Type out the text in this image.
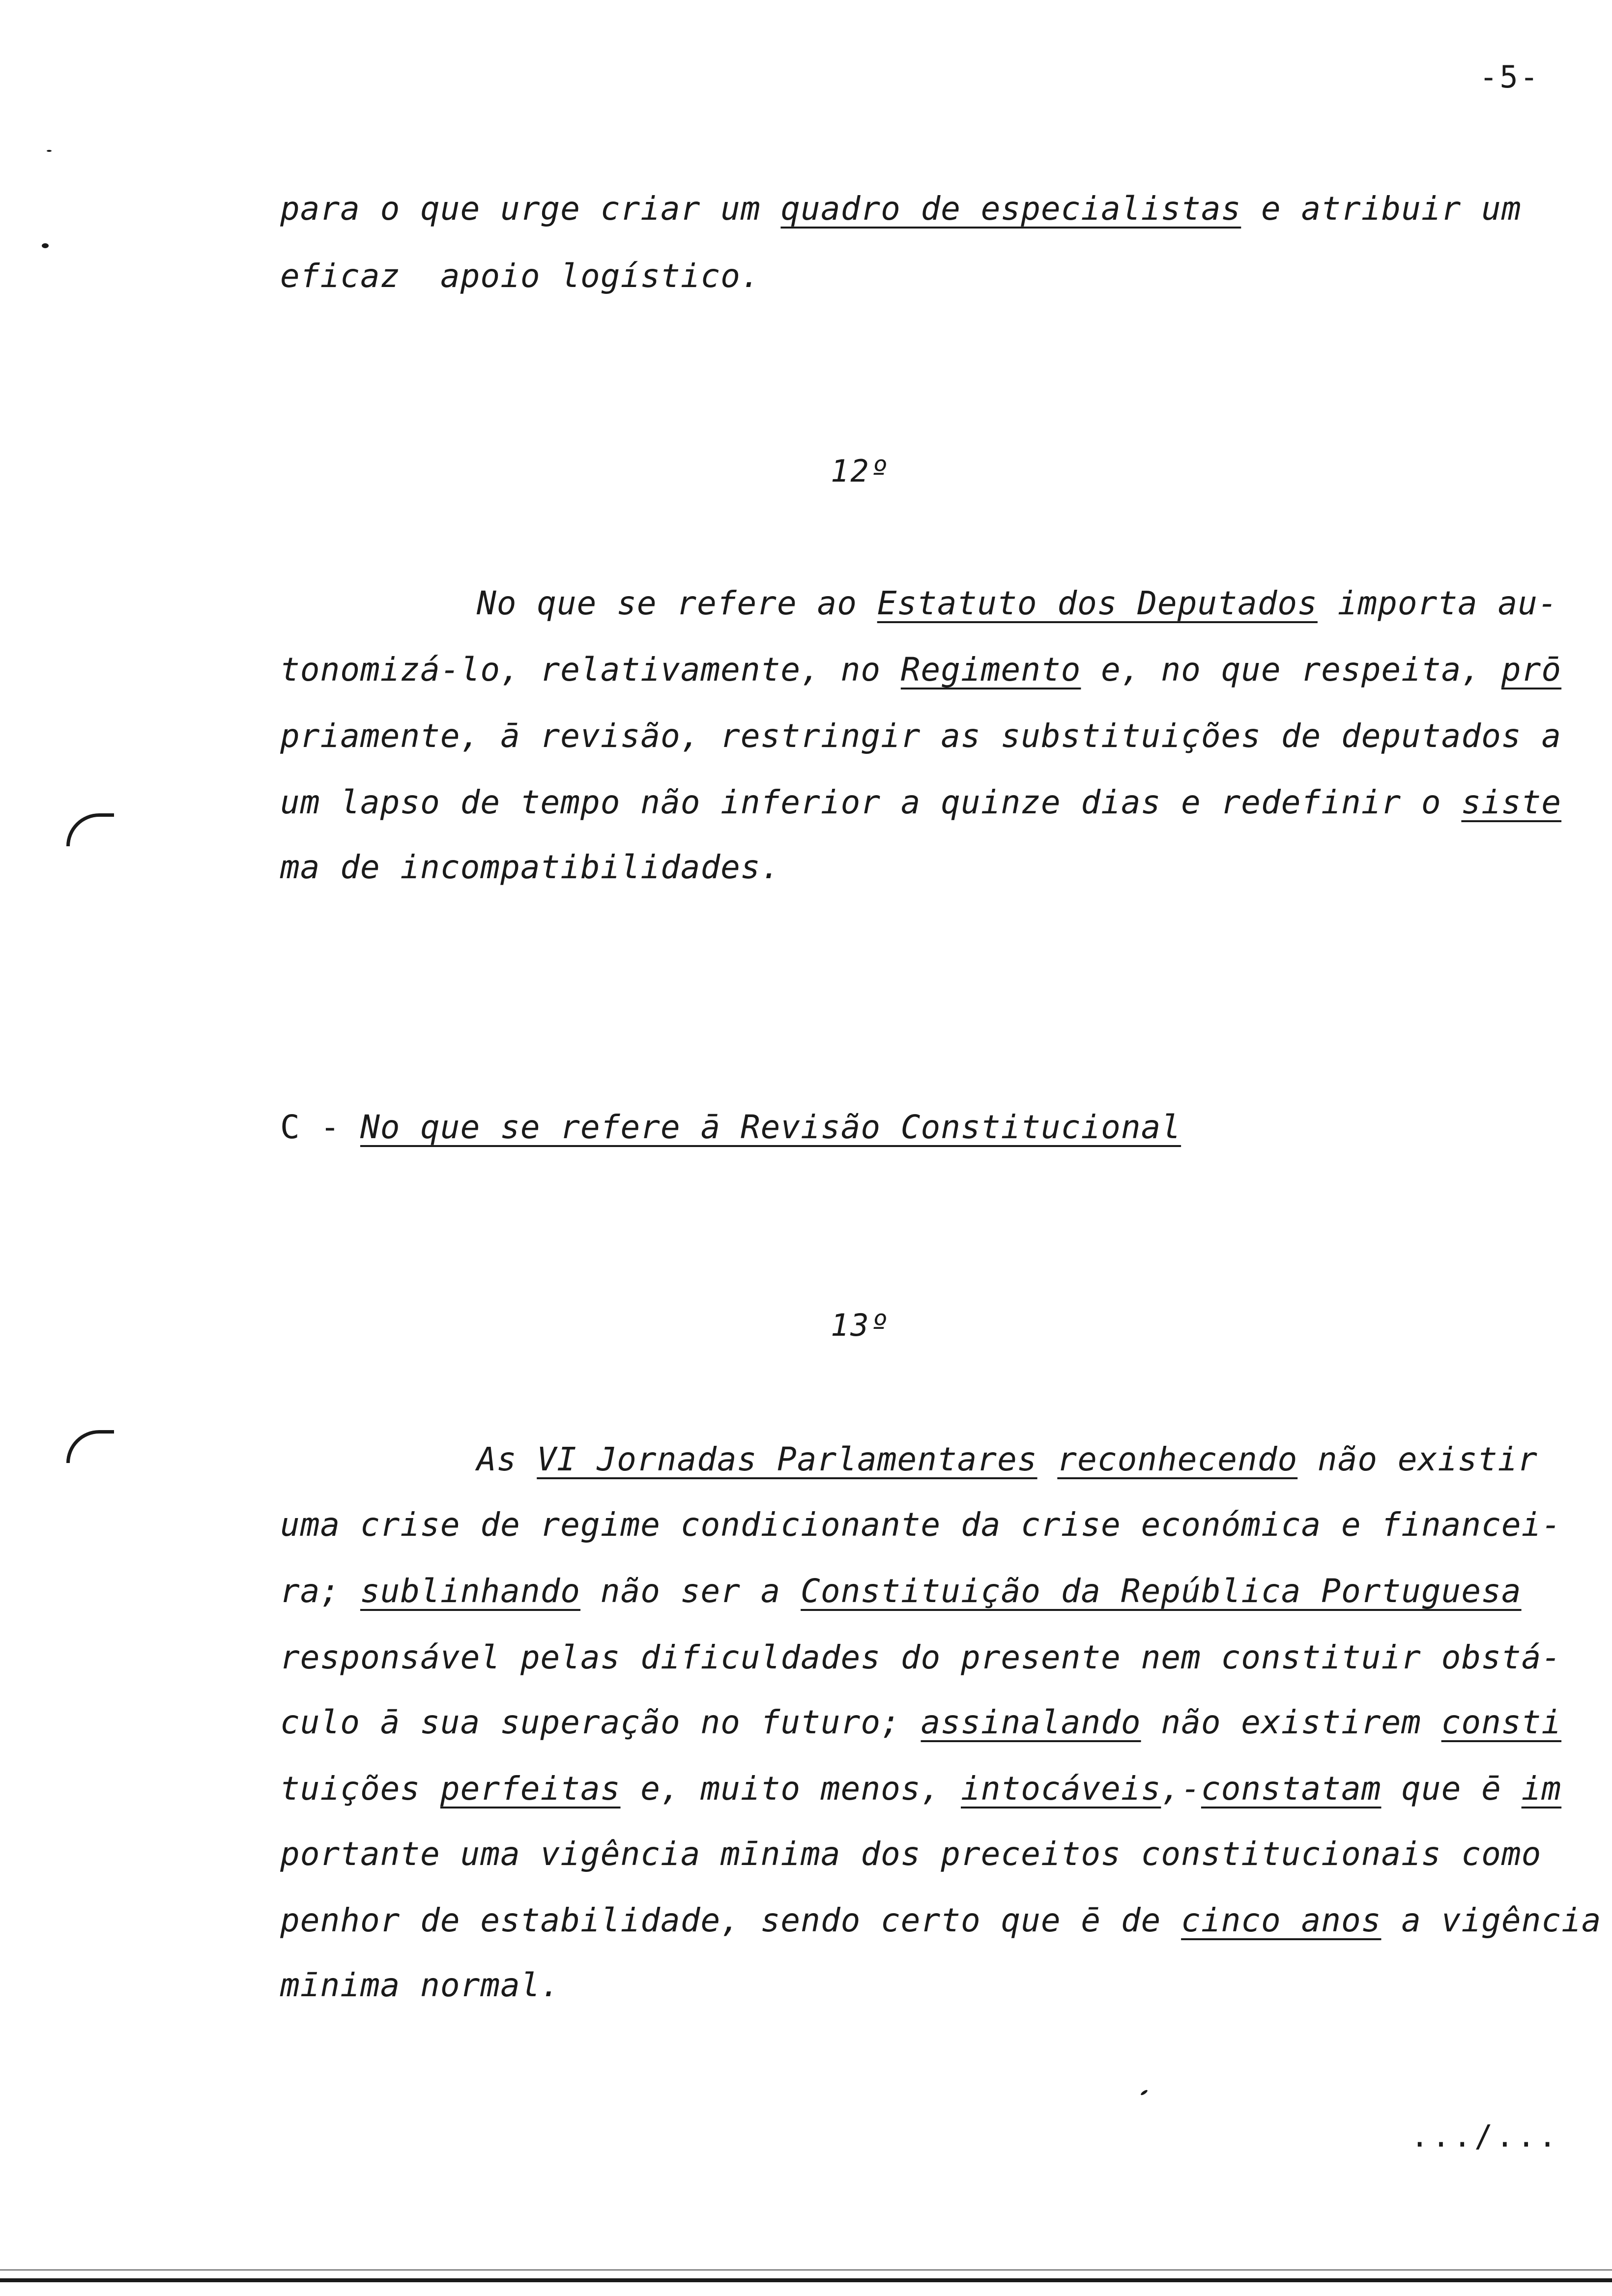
-5-
para o que urge criar um quadro de especialistas e atribuir um
eficaz  apoio logístico.
12º
No que se refere ao Estatuto dos Deputados importa au-
tonomizá-lo, relativamente, no Regimento e, no que respeita, prō
priamente, ā revisão, restringir as substituições de deputados a
um lapso de tempo não inferior a quinze dias e redefinir o siste
ma de incompatibilidades.
C - No que se refere ā Revisão Constitucional
13º
As VI Jornadas Parlamentares reconhecendo não existir
uma crise de regime condicionante da crise económica e financei-
ra; sublinhando não ser a Constituição da República Portuguesa
responsável pelas dificuldades do presente nem constituir obstá-
culo ā sua superação no futuro; assinalando não existirem consti
tuições perfeitas e, muito menos, intocáveis,-constatam que ē im
portante uma vigência mīnima dos preceitos constitucionais como
penhor de estabilidade, sendo certo que ē de cinco anos a vigência
mīnima normal.
.../...
